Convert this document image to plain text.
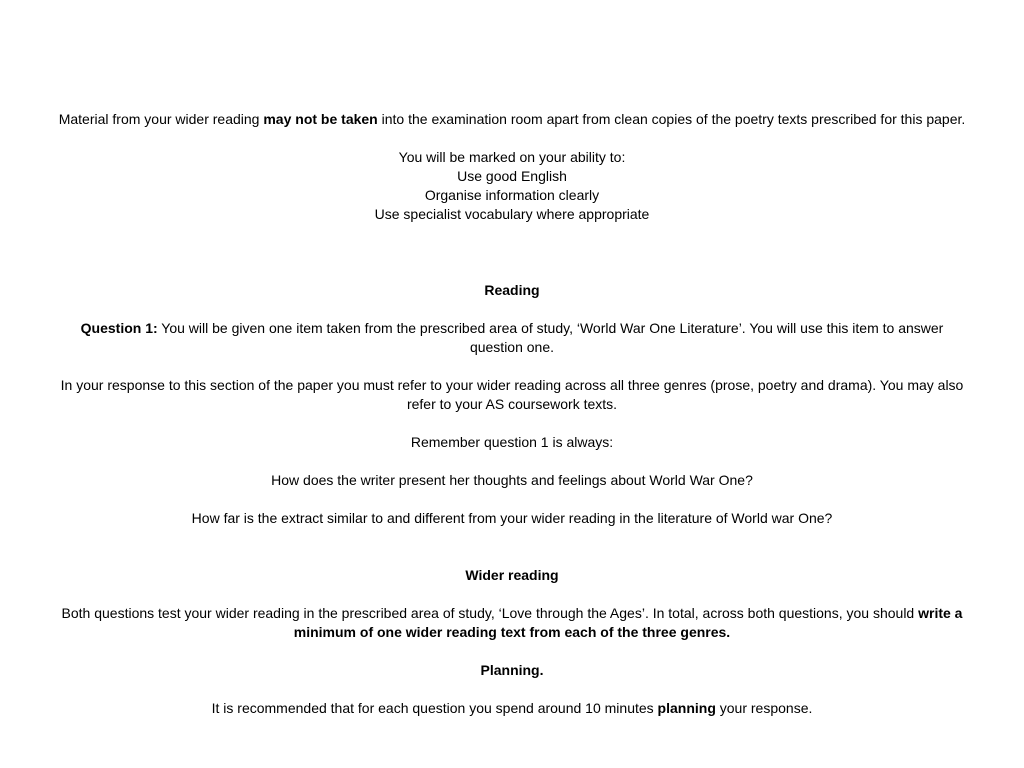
Material from your wider reading may not be taken into the examination room apart from clean copies of the poetry texts prescribed for this paper.

You will be marked on your ability to:
Use good English
Organise information clearly
Use specialist vocabulary where appropriate
Reading

Question 1: You will be given one item taken from the prescribed area of study, ‘World War One Literature’. You will use this item to answer question one.

In your response to this section of the paper you must refer to your wider reading across all three genres (prose, poetry and drama). You may also refer to your AS coursework texts.

Remember question 1 is always:

How does the writer present her thoughts and feelings about World War One?

How far is the extract similar to and different from your wider reading in the literature of World war One?

Wider reading

Both questions test your wider reading in the prescribed area of study, ‘Love through the Ages’. In total, across both questions, you should write a minimum of one wider reading text from each of the three genres.

Planning.

It is recommended that for each question you spend around 10 minutes planning your response.
